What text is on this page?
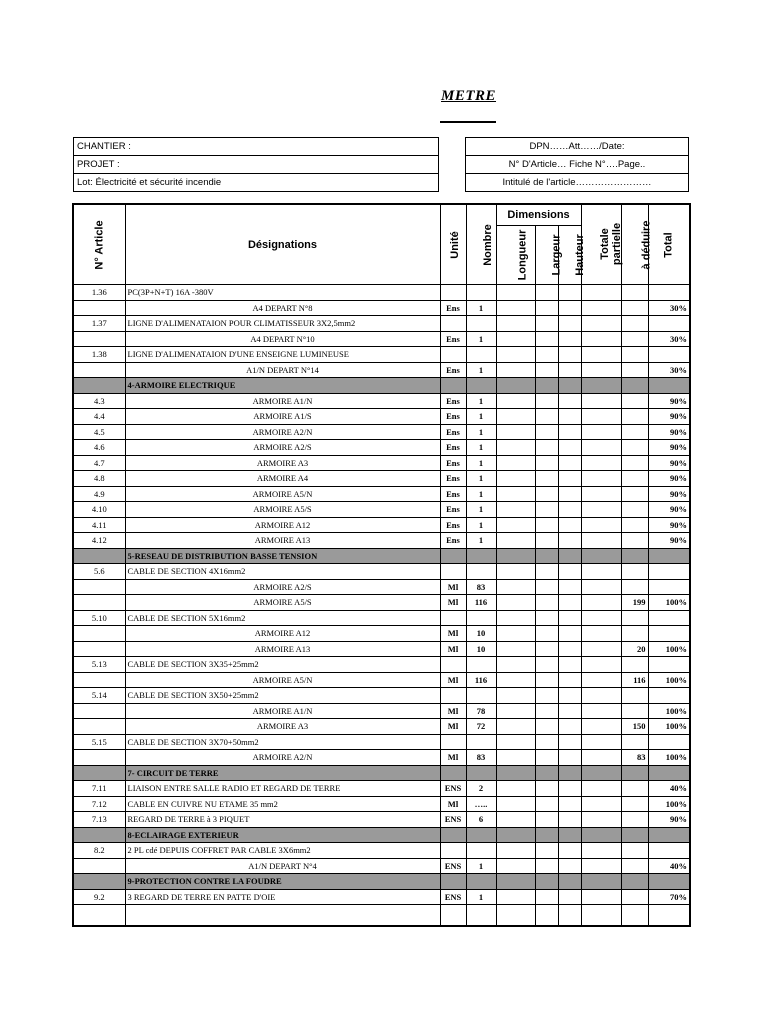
METRE
CHANTIER :
PROJET :
Lot: Électricité et sécurité incendie
DPN……Att……/Date:
N° D'Article… Fiche N°….Page..
Intitulé de l'article……………………
N° Article	Désignations	Unité	Nombre	Dimensions			Totale partielle	à déduire	Total
				Longueur	Largeur	Hauteur			
1.36	PC(3P+N+T) 16A -380V								
	A4 DEPART N°8	Ens	1						30%
1.37	LIGNE D'ALIMENATAION POUR CLIMATISSEUR 3X2,5mm2								
	A4 DEPART N°10	Ens	1						30%
1.38	LIGNE D'ALIMENATAION D'UNE ENSEIGNE LUMINEUSE								
	A1/N DEPART N°14	Ens	1						30%
	4-ARMOIRE ELECTRIQUE								
4.3	ARMOIRE A1/N	Ens	1						90%
4.4	ARMOIRE A1/S	Ens	1						90%
4.5	ARMOIRE A2/N	Ens	1						90%
4.6	ARMOIRE A2/S	Ens	1						90%
4.7	ARMOIRE A3	Ens	1						90%
4.8	ARMOIRE A4	Ens	1						90%
4.9	ARMOIRE A5/N	Ens	1						90%
4.10	ARMOIRE A5/S	Ens	1						90%
4.11	ARMOIRE A12	Ens	1						90%
4.12	ARMOIRE A13	Ens	1						90%
	5-RESEAU DE DISTRIBUTION BASSE TENSION								
5.6	CABLE DE SECTION 4X16mm2								
	ARMOIRE A2/S	Ml	83						
	ARMOIRE A5/S	Ml	116					199	100%
5.10	CABLE DE SECTION 5X16mm2								
	ARMOIRE A12	Ml	10						
	ARMOIRE A13	Ml	10					20	100%
5.13	CABLE DE SECTION 3X35+25mm2								
	ARMOIRE A5/N	Ml	116					116	100%
5.14	CABLE DE SECTION 3X50+25mm2								
	ARMOIRE A1/N	Ml	78						100%
	ARMOIRE A3	Ml	72					150	100%
5.15	CABLE DE SECTION 3X70+50mm2								
	ARMOIRE A2/N	Ml	83					83	100%
	7- CIRCUIT DE TERRE								
7.11	LIAISON ENTRE SALLE RADIO ET REGARD DE TERRE	ENS	2						40%
7.12	CABLE EN CUIVRE NU ETAME 35 mm2	Ml	…..						100%
7.13	REGARD DE TERRE à 3 PIQUET	ENS	6						90%
	8-ECLAIRAGE EXTERIEUR								
8.2	2 PL cdé DEPUIS COFFRET PAR CABLE 3X6mm2								
	A1/N DEPART N°4	ENS	1						40%
	9-PROTECTION CONTRE LA FOUDRE								
9.2	3 REGARD DE TERRE EN PATTE D'OIE	ENS	1						70%
